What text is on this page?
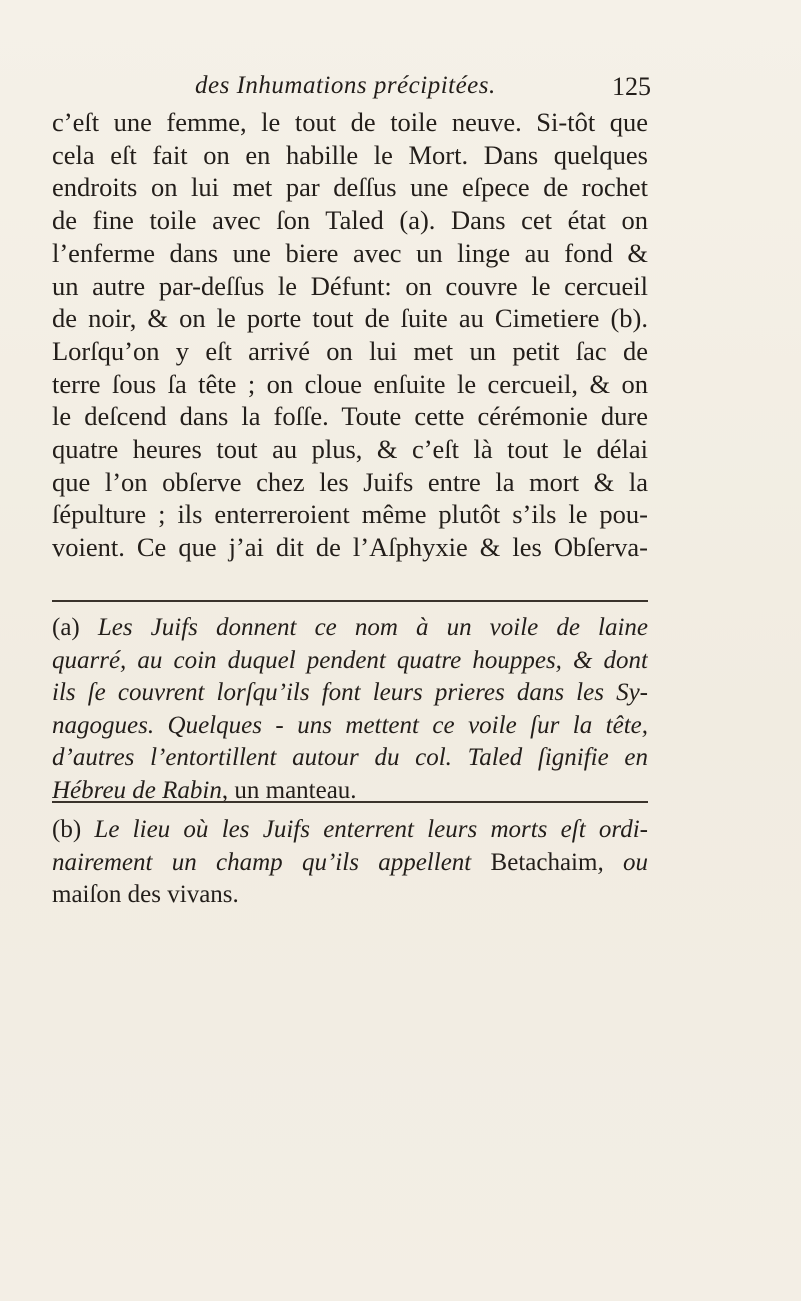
des Inhumations précipitées.	125
c’eſt une femme, le tout de toile neuve. Si-tôt que
cela eſt fait on en habille le Mort. Dans quelques
endroits on lui met par deſſus une eſpece de rochet
de fine toile avec ſon Taled (a). Dans cet état on
l’enferme dans une biere avec un linge au fond &
un autre par-deſſus le Défunt: on couvre le cercueil
de noir, & on le porte tout de ſuite au Cimetiere (b).
Lorſqu’on y eſt arrivé on lui met un petit ſac de
terre ſous ſa tête ; on cloue enſuite le cercueil, & on
le deſcend dans la foſſe. Toute cette cérémonie dure
quatre heures tout au plus, & c’eſt là tout le délai
que l’on obſerve chez les Juifs entre la mort & la
ſépulture ; ils enterreroient même plutôt s’ils le pou-
voient. Ce que j’ai dit de l’Aſphyxie & les Obſerva-
(a) Les Juifs donnent ce nom à un voile de laine
quarré, au coin duquel pendent quatre houppes, & dont
ils ſe couvrent lorſqu’ils font leurs prieres dans les Sy-
nagogues. Quelques - uns mettent ce voile ſur la tête,
d’autres l’entortillent autour du col. Taled ſignifie en
Hébreu de Rabin, un manteau.
(b) Le lieu où les Juifs enterrent leurs morts eſt ordi-
nairement un champ qu’ils appellent Betachaim, ou
maiſon des vivans.
